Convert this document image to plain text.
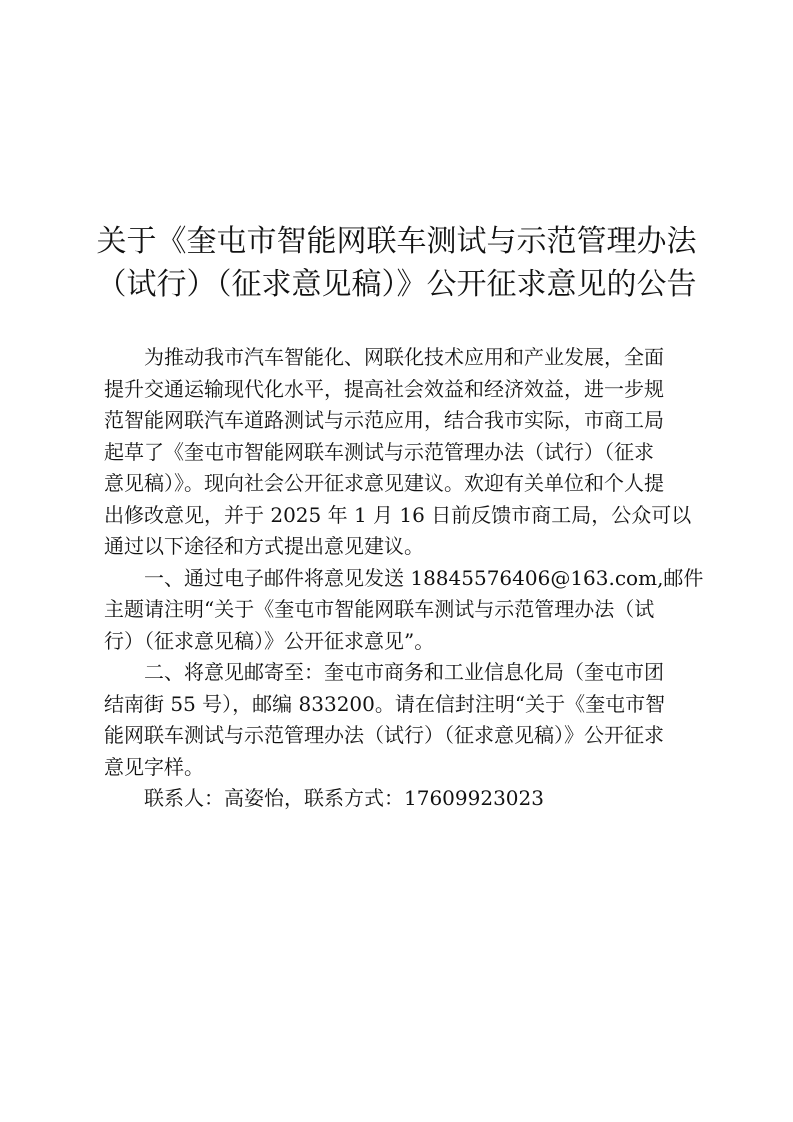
关于《奎屯市智能网联车测试与示范管理办法
（试行）（征求意见稿）》公开征求意见的公告

为推动我市汽车智能化、网联化技术应用和产业发展，全面
提升交通运输现代化水平，提高社会效益和经济效益，进一步规
范智能网联汽车道路测试与示范应用，结合我市实际，市商工局
起草了《奎屯市智能网联车测试与示范管理办法（试行）（征求
意见稿）》。现向社会公开征求意见建议。欢迎有关单位和个人提
出修改意见，并于 2025 年 1 月 16 日前反馈市商工局，公众可以
通过以下途径和方式提出意见建议。

一、通过电子邮件将意见发送 18845576406@163.com,邮件
主题请注明“关于《奎屯市智能网联车测试与示范管理办法（试
行）（征求意见稿）》公开征求意见”。

二、将意见邮寄至：奎屯市商务和工业信息化局（奎屯市团
结南街 55 号），邮编 833200。请在信封注明“关于《奎屯市智
能网联车测试与示范管理办法（试行）（征求意见稿）》公开征求
意见字样。

联系人：高姿怡，联系方式：17609923023
